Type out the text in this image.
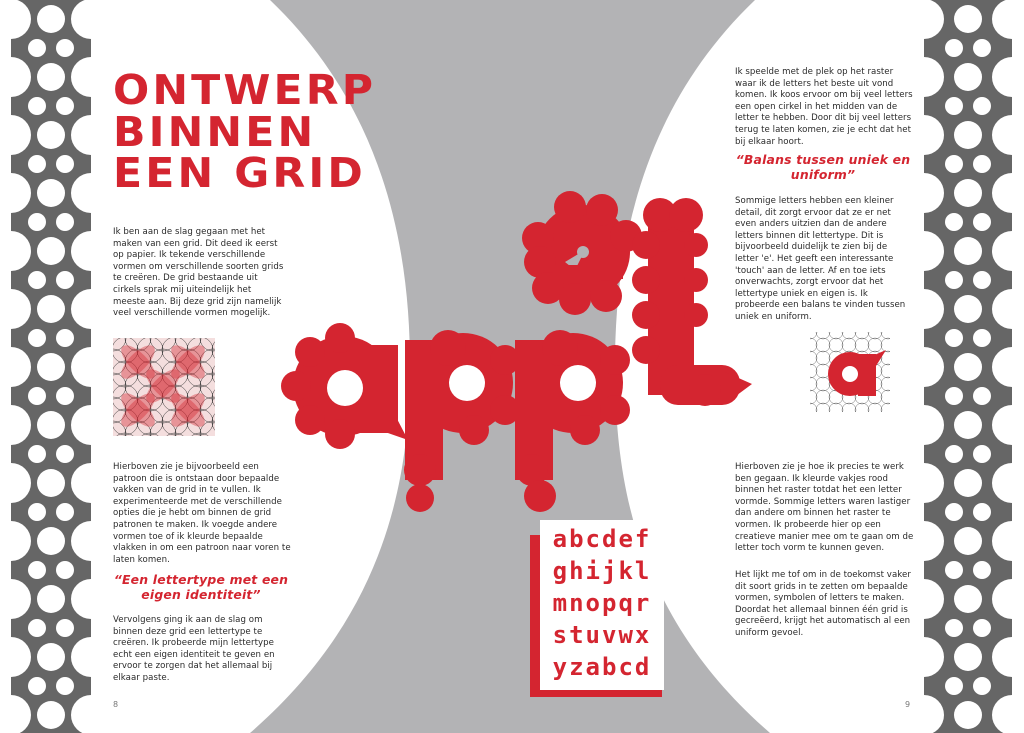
ONTWERP
BINNEN
EEN GRID

Ik ben aan de slag gegaan met het maken van een grid. Dit deed ik eerst op papier. Ik tekende verschillende vormen om verschillende soorten grids te creëren. De grid bestaande uit cirkels sprak mij uiteindelijk het meeste aan. Bij deze grid zijn namelijk veel verschillende vormen mogelijk.

Hierboven zie je bijvoorbeeld een patroon die is ontstaan door bepaalde vakken van de grid in te vullen. Ik experimenteerde met de verschillende opties die je hebt om binnen de grid patronen te maken. Ik voegde andere vormen toe of ik kleurde bepaalde vlakken in om een patroon naar voren te laten komen.

“Een lettertype met een eigen identiteit”

Vervolgens ging ik aan de slag om binnen deze grid een lettertype te creëren. Ik probeerde mijn lettertype echt een eigen identiteit te geven en ervoor te zorgen dat het allemaal bij elkaar paste.

8

Ik speelde met de plek op het raster waar ik de letters het beste uit vond komen. Ik koos ervoor om bij veel letters een open cirkel in het midden van de letter te hebben. Door dit bij veel letters terug te laten komen, zie je echt dat het bij elkaar hoort.

“Balans tussen uniek en uniform”

Sommige letters hebben een kleiner detail, dit zorgt ervoor dat ze er net even anders uitzien dan de andere letters binnen dit lettertype. Dit is bijvoorbeeld duidelijk te zien bij de letter 'e'. Het geeft een interessante 'touch' aan de letter. Af en toe iets onverwachts, zorgt ervoor dat het lettertype uniek en eigen is. Ik probeerde een balans te vinden tussen uniek en uniform.

Hierboven zie je hoe ik precies te werk ben gegaan. Ik kleurde vakjes rood binnen het raster totdat het een letter vormde. Sommige letters waren lastiger dan andere om binnen het raster te vormen. Ik probeerde hier op een creatieve manier mee om te gaan om de letter toch vorm te kunnen geven.

Het lijkt me tof om in de toekomst vaker dit soort grids in te zetten om bepaalde vormen, symbolen of letters te maken. Doordat het allemaal binnen één grid is gecreëerd, krijgt het automatisch al een uniform gevoel.

9
abcdef
ghijkl
mnopqr
stuvwx
yzabcd
